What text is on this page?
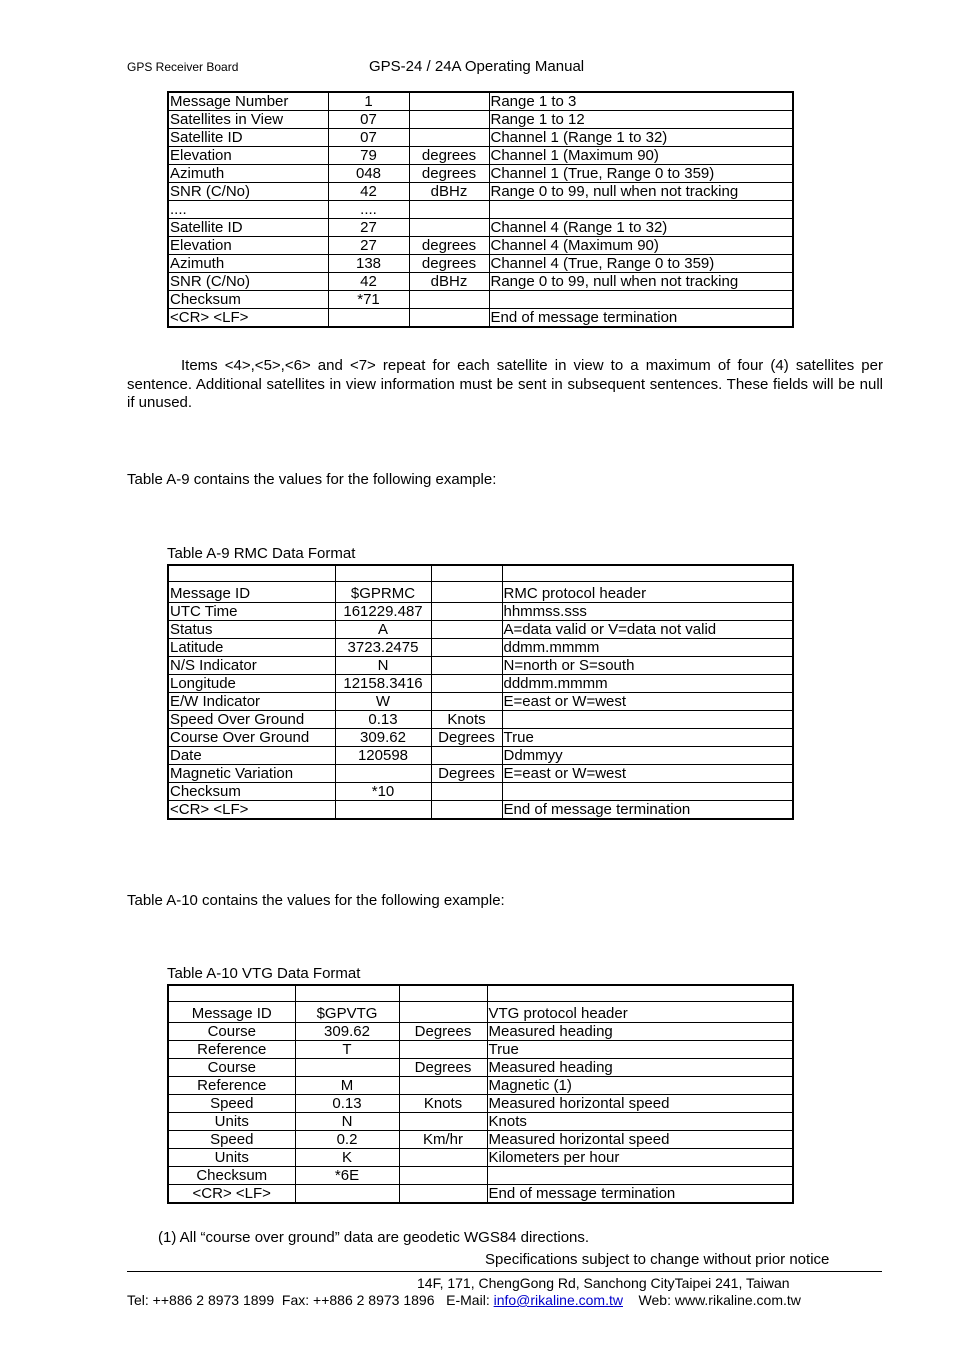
GPS Receiver Board	GPS-24 / 24A Operating Manual
Message Number	1		Range 1 to 3
Satellites in View	07		Range 1 to 12
Satellite ID	07		Channel 1 (Range 1 to 32)
Elevation	79	degrees	Channel 1 (Maximum 90)
Azimuth	048	degrees	Channel 1 (True, Range 0 to 359)
SNR (C/No)	42	dBHz	Range 0 to 99, null when not tracking
....	....		
Satellite ID	27		Channel 4 (Range 1 to 32)
Elevation	27	degrees	Channel 4 (Maximum 90)
Azimuth	138	degrees	Channel 4 (True, Range 0 to 359)
SNR (C/No)	42	dBHz	Range 0 to 99, null when not tracking
Checksum	*71		
<CR> <LF>			End of message termination
Items <4>,<5>,<6> and <7> repeat for each satellite in view to a maximum of four (4) satellites per sentence. Additional satellites in view information must be sent in subsequent sentences. These fields will be null if unused.
Table A-9 contains the values for the following example:
Table A-9 RMC Data Format

Message ID	$GPRMC		RMC protocol header
UTC Time	161229.487		hhmmss.sss
Status	A		A=data valid or V=data not valid
Latitude	3723.2475		ddmm.mmmm
N/S Indicator	N		N=north or S=south
Longitude	12158.3416		dddmm.mmmm
E/W Indicator	W		E=east or W=west
Speed Over Ground	0.13	Knots	
Course Over Ground	309.62	Degrees	True
Date	120598		Ddmmyy
Magnetic Variation		Degrees	E=east or W=west
Checksum	*10		
<CR> <LF>			End of message termination
Table A-10 contains the values for the following example:
Table A-10 VTG Data Format

Message ID	$GPVTG		VTG protocol header
Course	309.62	Degrees	Measured heading
Reference	T		True
Course		Degrees	Measured heading
Reference	M		Magnetic (1)
Speed	0.13	Knots	Measured horizontal speed
Units	N		Knots
Speed	0.2	Km/hr	Measured horizontal speed
Units	K		Kilometers per hour
Checksum	*6E		
<CR> <LF>			End of message termination
(1) All “course over ground” data are geodetic WGS84 directions.
Specifications subject to change without prior notice
14F, 171, ChengGong Rd, Sanchong CityTaipei 241, Taiwan
Tel: ++886 2 8973 1899  Fax: ++886 2 8973 1896   E-Mail: info@rikaline.com.tw    Web: www.rikaline.com.tw
